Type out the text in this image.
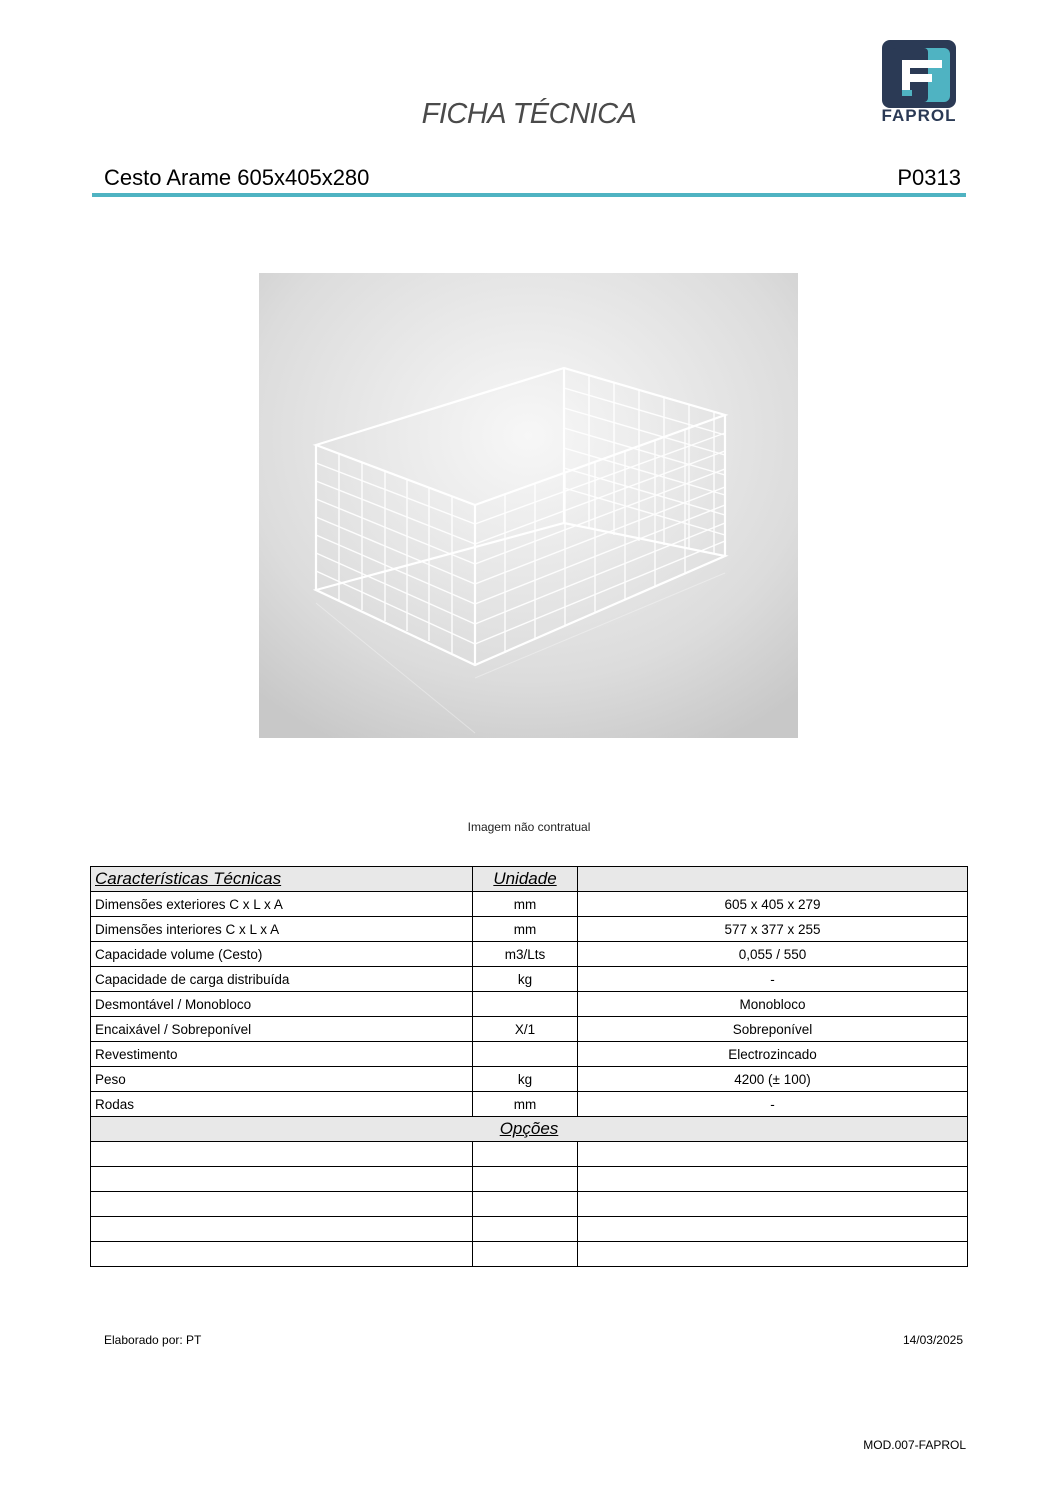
FICHA TÉCNICA	FAPROL
Cesto Arame 605x405x280	P0313
Imagem não contratual
Características Técnicas	Unidade	
Dimensões exteriores C x L x A	mm	605 x 405 x 279
Dimensões interiores C x L x A	mm	577 x 377 x 255
Capacidade volume (Cesto)	m3/Lts	0,055 / 550
Capacidade de carga distribuída	kg	-
Desmontável / Monobloco		Monobloco
Encaixável / Sobreponível	X/1	Sobreponível
Revestimento		Electrozincado
Peso	kg	4200 (± 100)
Rodas	mm	-
Opções		

Elaborado por: PT	14/03/2025
MOD.007-FAPROL
